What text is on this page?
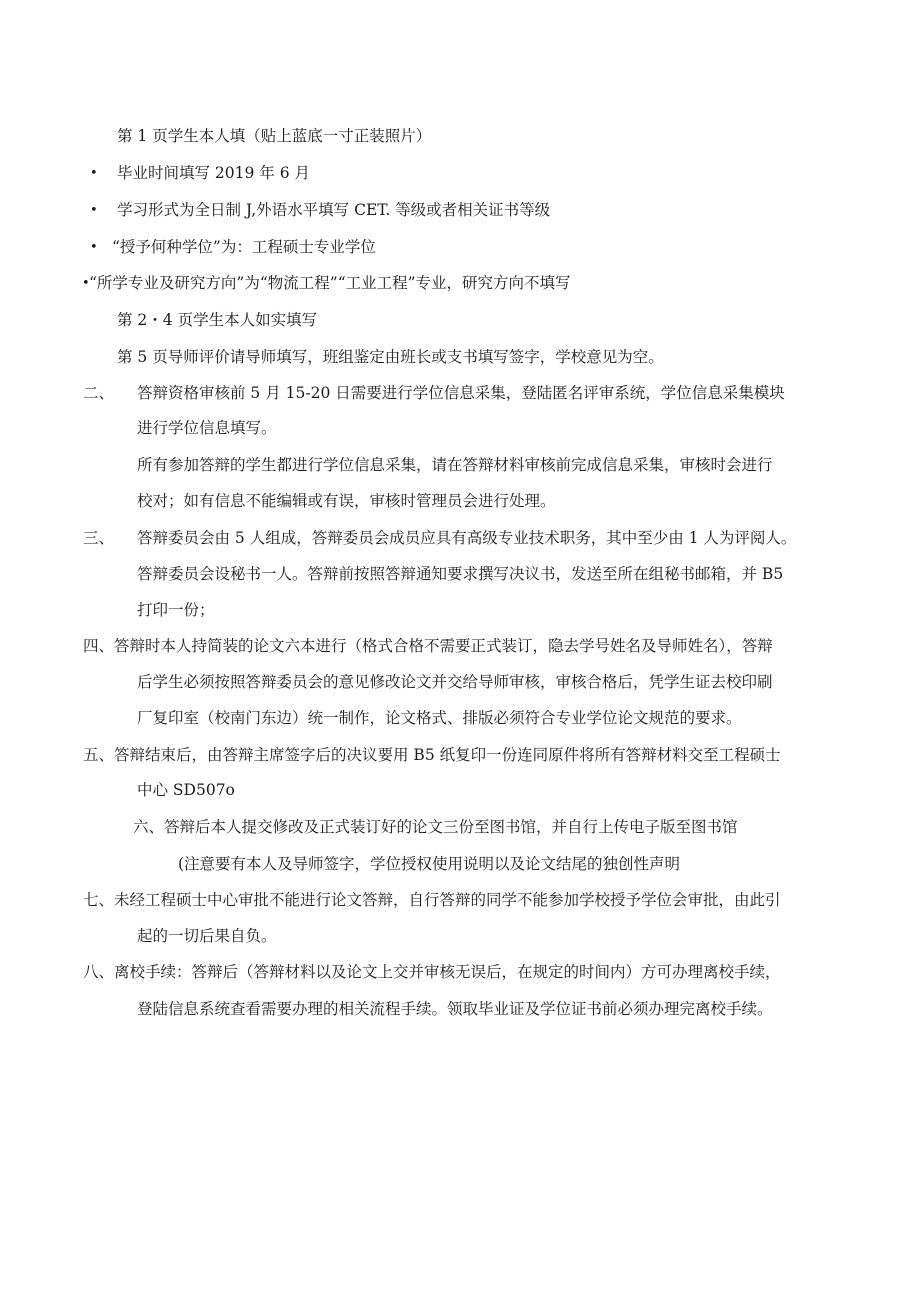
第 1 页学生本人填（贴上蓝底一寸正装照片）
• 毕业时间填写 2019 年 6 月
• 学习形式为全日制 J,外语水平填写 CET. 等级或者相关证书等级
• “授予何种学位”为：工程硕士专业学位
• “所学专业及研究方向”为“物流工程”“工业工程”专业，研究方向不填写
第 2・4 页学生本人如实填写
第 5 页导师评价请导师填写，班组鉴定由班长或支书填写签字，学校意见为空。
二、 答辩资格审核前 5 月 15-20 日需要进行学位信息采集，登陆匿名评审系统，学位信息采集模块
进行学位信息填写。
所有参加答辩的学生都进行学位信息采集，请在答辩材料审核前完成信息采集，审核时会进行
校对；如有信息不能编辑或有误，审核时管理员会进行处理。
三、 答辩委员会由 5 人组成，答辩委员会成员应具有高级专业技术职务，其中至少由 1 人为评阅人。
答辩委员会设秘书一人。答辩前按照答辩通知要求撰写决议书，发送至所在组秘书邮箱，并 B5
打印一份；
四、答辩时本人持简装的论文六本进行（格式合格不需要正式装订，隐去学号姓名及导师姓名），答辩
后学生必须按照答辩委员会的意见修改论文并交给导师审核，审核合格后，凭学生证去校印刷
厂复印室（校南门东边）统一制作，论文格式、排版必须符合专业学位论文规范的要求。
五、答辩结束后，由答辩主席签字后的决议要用 B5 纸复印一份连同原件将所有答辩材料交至工程硕士
中心 SD507o
六、答辩后本人提交修改及正式装订好的论文三份至图书馆，并自行上传电子版至图书馆
(注意要有本人及导师签字，学位授权使用说明以及论文结尾的独创性声明
七、未经工程硕士中心审批不能进行论文答辩，自行答辩的同学不能参加学校授予学位会审批，由此引
起的一切后果自负。
八、离校手续：答辩后（答辩材料以及论文上交并审核无误后，在规定的时间内）方可办理离校手续，
登陆信息系统查看需要办理的相关流程手续。领取毕业证及学位证书前必须办理完离校手续。
